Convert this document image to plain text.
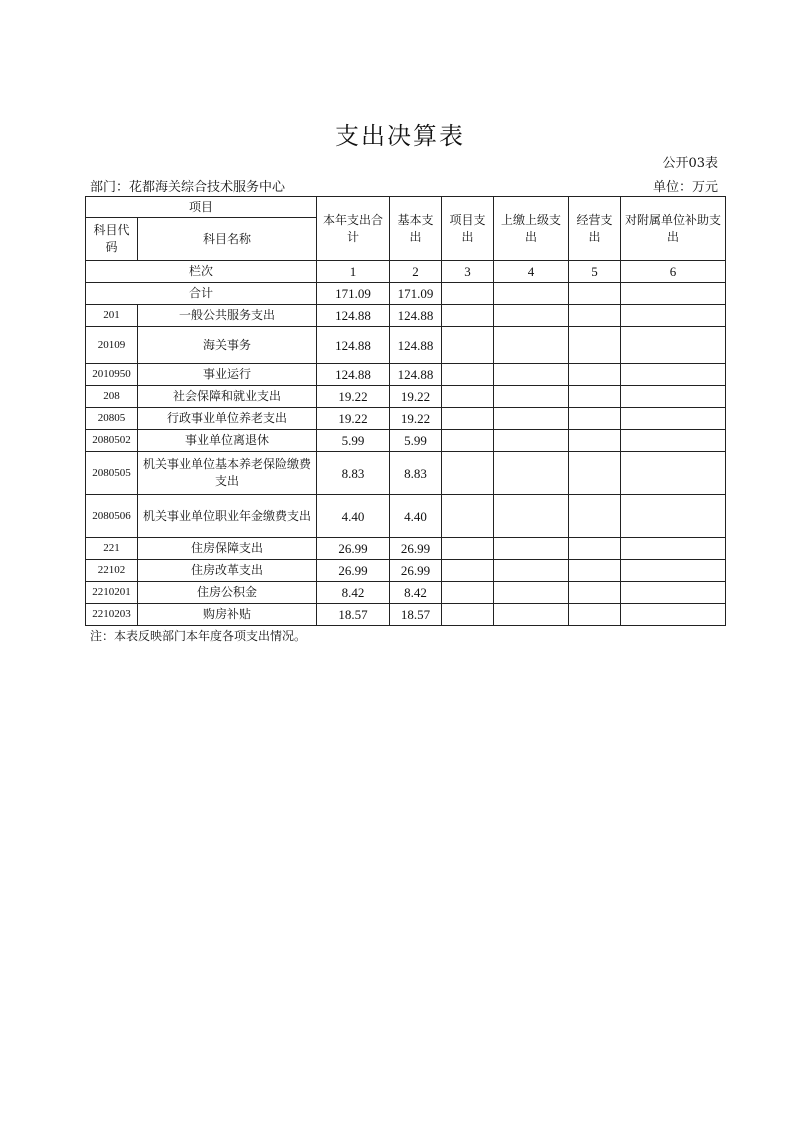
支出决算表
公开03表
部门：花都海关综合技术服务中心	单位：万元
项目		本年支出合计	基本支出	项目支出	上缴上级支出	经营支出	对附属单位补助支出
科目代码	科目名称						
栏次		1	2	3	4	5	6
合计		171.09	171.09				
201	一般公共服务支出	124.88	124.88				
20109	海关事务	124.88	124.88				
2010950	事业运行	124.88	124.88				
208	社会保障和就业支出	19.22	19.22				
20805	行政事业单位养老支出	19.22	19.22				
2080502	事业单位离退休	5.99	5.99				
2080505	机关事业单位基本养老保险缴费支出	8.83	8.83				
2080506	机关事业单位职业年金缴费支出	4.40	4.40				
221	住房保障支出	26.99	26.99				
22102	住房改革支出	26.99	26.99				
2210201	住房公积金	8.42	8.42				
2210203	购房补贴	18.57	18.57				
注：本表反映部门本年度各项支出情况。
